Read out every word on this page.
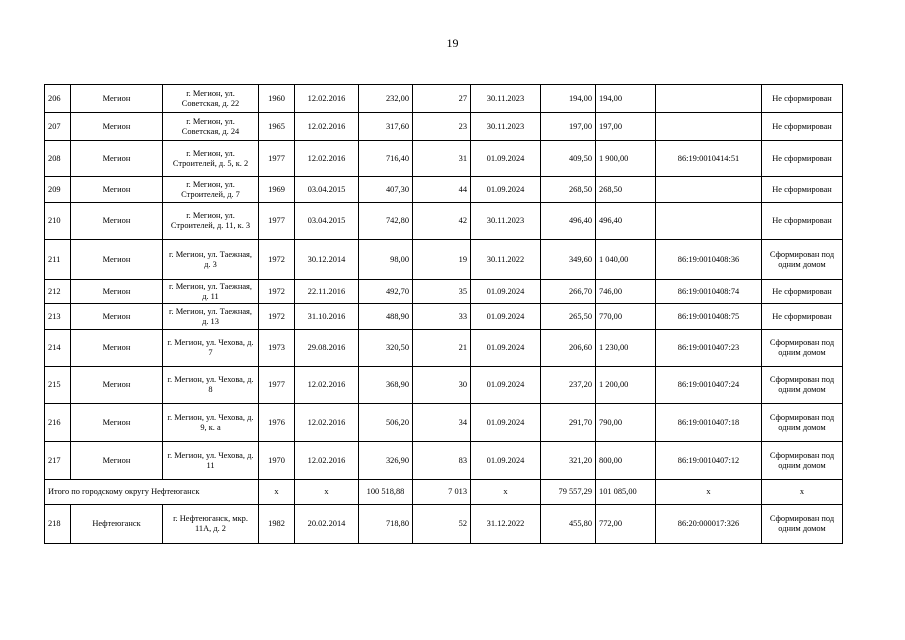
19
206	Мегион	г. Мегион, ул. Советская, д. 22	1960	12.02.2016	232,00	27	30.11.2023	194,00	194,00		Не сформирован
207	Мегион	г. Мегион, ул. Советская, д. 24	1965	12.02.2016	317,60	23	30.11.2023	197,00	197,00		Не сформирован
208	Мегион	г. Мегион, ул. Строителей, д. 5, к. 2	1977	12.02.2016	716,40	31	01.09.2024	409,50	1 900,00	86:19:0010414:51	Не сформирован
209	Мегион	г. Мегион, ул. Строителей, д. 7	1969	03.04.2015	407,30	44	01.09.2024	268,50	268,50		Не сформирован
210	Мегион	г. Мегион, ул. Строителей, д. 11, к. 3	1977	03.04.2015	742,80	42	30.11.2023	496,40	496,40		Не сформирован
211	Мегион	г. Мегион, ул. Таежная, д. 3	1972	30.12.2014	98,00	19	30.11.2022	349,60	1 040,00	86:19:0010408:36	Сформирован под одним домом
212	Мегион	г. Мегион, ул. Таежная, д. 11	1972	22.11.2016	492,70	35	01.09.2024	266,70	746,00	86:19:0010408:74	Не сформирован
213	Мегион	г. Мегион, ул. Таежная, д. 13	1972	31.10.2016	488,90	33	01.09.2024	265,50	770,00	86:19:0010408:75	Не сформирован
214	Мегион	г. Мегион, ул. Чехова, д. 7	1973	29.08.2016	320,50	21	01.09.2024	206,60	1 230,00	86:19:0010407:23	Сформирован под одним домом
215	Мегион	г. Мегион, ул. Чехова, д. 8	1977	12.02.2016	368,90	30	01.09.2024	237,20	1 200,00	86:19:0010407:24	Сформирован под одним домом
216	Мегион	г. Мегион, ул. Чехова, д. 9, к. а	1976	12.02.2016	506,20	34	01.09.2024	291,70	790,00	86:19:0010407:18	Сформирован под одним домом
217	Мегион	г. Мегион, ул. Чехова, д. 11	1970	12.02.2016	326,90	83	01.09.2024	321,20	800,00	86:19:0010407:12	Сформирован под одним домом
Итого по городскому округу Нефтеюганск			х	х	100 518,88	7 013	х	79 557,29	101 085,00	х	х
218	Нефтеюганск	г. Нефтеюганск, мкр. 11А, д. 2	1982	20.02.2014	718,80	52	31.12.2022	455,80	772,00	86:20:000017:326	Сформирован под одним домом
